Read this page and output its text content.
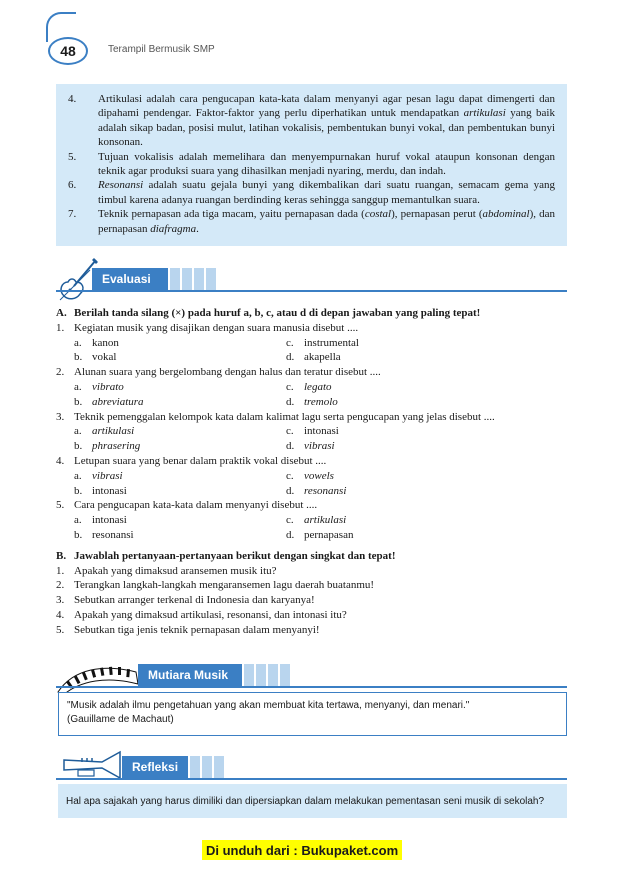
48	Terampil Bermusik SMP
4.	Artikulasi adalah cara pengucapan kata-kata dalam menyanyi agar pesan lagu dapat dimengerti dan dipahami pendengar. Faktor-faktor yang perlu diperhatikan untuk mendapatkan artikulasi yang baik adalah sikap badan, posisi mulut, latihan vokalisis, pembentukan bunyi vokal, dan pembentukan bunyi konsonan.
5.	Tujuan vokalisis adalah memelihara dan menyempurnakan huruf vokal ataupun konsonan dengan teknik agar produksi suara yang dihasilkan menjadi nyaring, merdu, dan indah.
6.	Resonansi adalah suatu gejala bunyi yang dikembalikan dari suatu ruangan, semacam gema yang timbul karena adanya ruangan berdinding keras sehingga sanggup memantulkan suara.
7.	Teknik pernapasan ada tiga macam, yaitu pernapasan dada (costal), pernapasan perut (abdominal), dan pernapasan diafragma.
Evaluasi
A. Berilah tanda silang (×) pada huruf a, b, c, atau d di depan jawaban yang paling tepat!
1. Kegiatan musik yang disajikan dengan suara manusia disebut ....
a. kanon	c. instrumental
b. vokal	d. akapella
2. Alunan suara yang bergelombang dengan halus dan teratur disebut ....
a. vibrato	c. legato
b. abreviatura	d. tremolo
3. Teknik pemenggalan kelompok kata dalam kalimat lagu serta pengucapan yang jelas disebut ....
a. artikulasi	c. intonasi
b. phrasering	d. vibrasi
4. Letupan suara yang benar dalam praktik vokal disebut ....
a. vibrasi	c. vowels
b. intonasi	d. resonansi
5. Cara pengucapan kata-kata dalam menyanyi disebut ....
a. intonasi	c. artikulasi
b. resonansi	d. pernapasan
B. Jawablah pertanyaan-pertanyaan berikut dengan singkat dan tepat!
1. Apakah yang dimaksud aransemen musik itu?
2. Terangkan langkah-langkah mengaransemen lagu daerah buatanmu!
3. Sebutkan arranger terkenal di Indonesia dan karyanya!
4. Apakah yang dimaksud artikulasi, resonansi, dan intonasi itu?
5. Sebutkan tiga jenis teknik pernapasan dalam menyanyi!
Mutiara Musik
"Musik adalah ilmu pengetahuan yang akan membuat kita tertawa, menyanyi, dan menari."
(Gauillame de Machaut)
Refleksi
Hal apa sajakah yang harus dimiliki dan dipersiapkan dalam melakukan pementasan seni musik di sekolah?
Di unduh dari : Bukupaket.com
